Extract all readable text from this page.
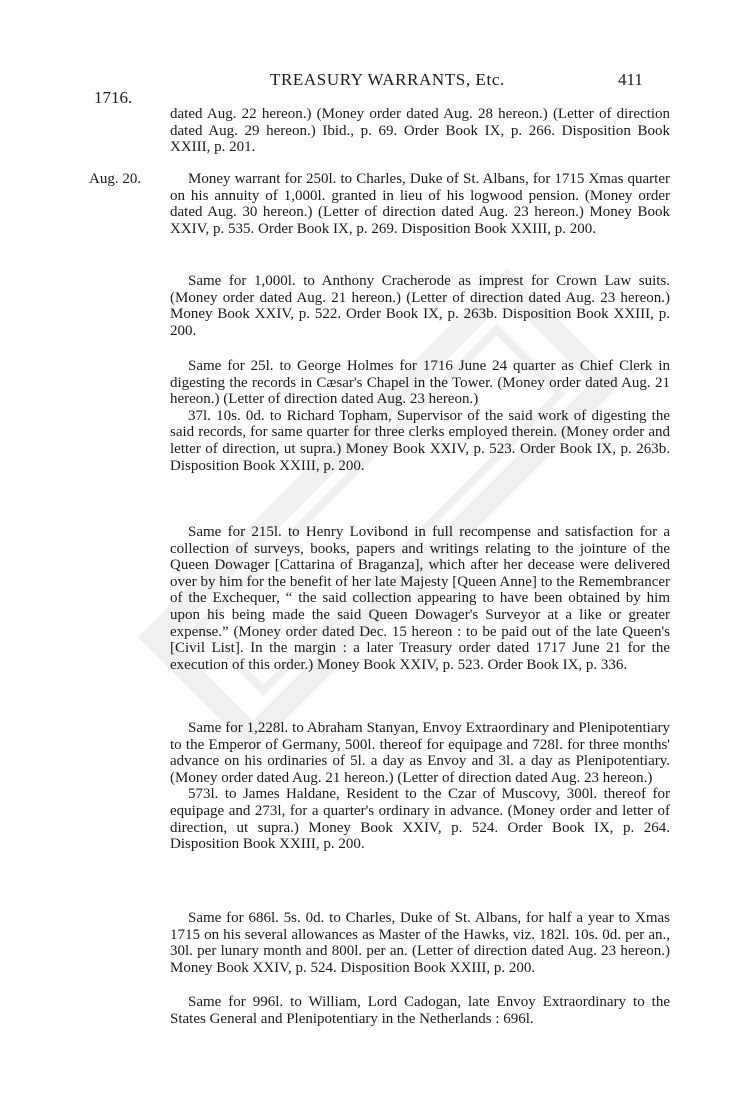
TREASURY WARRANTS, Etc.	411
1716.

dated Aug. 22 hereon.) (Money order dated Aug. 28 hereon.) (Letter of direction dated Aug. 29 hereon.) Ibid., p. 69. Order Book IX, p. 266. Disposition Book XXIII, p. 201.

Aug. 20.	Money warrant for 250l. to Charles, Duke of St. Albans, for 1715 Xmas quarter on his annuity of 1,000l. granted in lieu of his logwood pension. (Money order dated Aug. 30 hereon.) (Letter of direction dated Aug. 23 hereon.) Money Book XXIV, p. 535. Order Book IX, p. 269. Disposition Book XXIII, p. 200.

Same for 1,000l. to Anthony Cracherode as imprest for Crown Law suits. (Money order dated Aug. 21 hereon.) (Letter of direction dated Aug. 23 hereon.) Money Book XXIV, p. 522. Order Book IX, p. 263b. Disposition Book XXIII, p. 200.

Same for 25l. to George Holmes for 1716 June 24 quarter as Chief Clerk in digesting the records in Cæsar's Chapel in the Tower. (Money order dated Aug. 21 hereon.) (Letter of direction dated Aug. 23 hereon.)

37l. 10s. 0d. to Richard Topham, Supervisor of the said work of digesting the said records, for same quarter for three clerks employed therein. (Money order and letter of direction, ut supra.) Money Book XXIV, p. 523. Order Book IX, p. 263b. Disposition Book XXIII, p. 200.

Same for 215l. to Henry Lovibond in full recompense and satisfaction for a collection of surveys, books, papers and writings relating to the jointure of the Queen Dowager [Cattarina of Braganza], which after her decease were delivered over by him for the benefit of her late Majesty [Queen Anne] to the Remembrancer of the Exchequer, “ the said collection appearing to have been obtained by him upon his being made the said Queen Dowager's Surveyor at a like or greater expense.” (Money order dated Dec. 15 hereon : to be paid out of the late Queen's [Civil List]. In the margin : a later Treasury order dated 1717 June 21 for the execution of this order.) Money Book XXIV, p. 523. Order Book IX, p. 336.

Same for 1,228l. to Abraham Stanyan, Envoy Extraordinary and Plenipotentiary to the Emperor of Germany, 500l. thereof for equipage and 728l. for three months' advance on his ordinaries of 5l. a day as Envoy and 3l. a day as Plenipotentiary. (Money order dated Aug. 21 hereon.) (Letter of direction dated Aug. 23 hereon.)

573l. to James Haldane, Resident to the Czar of Muscovy, 300l. thereof for equipage and 273l, for a quarter's ordinary in advance. (Money order and letter of direction, ut supra.) Money Book XXIV, p. 524. Order Book IX, p. 264. Disposition Book XXIII, p. 200.

Same for 686l. 5s. 0d. to Charles, Duke of St. Albans, for half a year to Xmas 1715 on his several allowances as Master of the Hawks, viz. 182l. 10s. 0d. per an., 30l. per lunary month and 800l. per an. (Letter of direction dated Aug. 23 hereon.) Money Book XXIV, p. 524. Disposition Book XXIII, p. 200.

Same for 996l. to William, Lord Cadogan, late Envoy Extraordinary to the States General and Plenipotentiary in the Netherlands : 696l.
